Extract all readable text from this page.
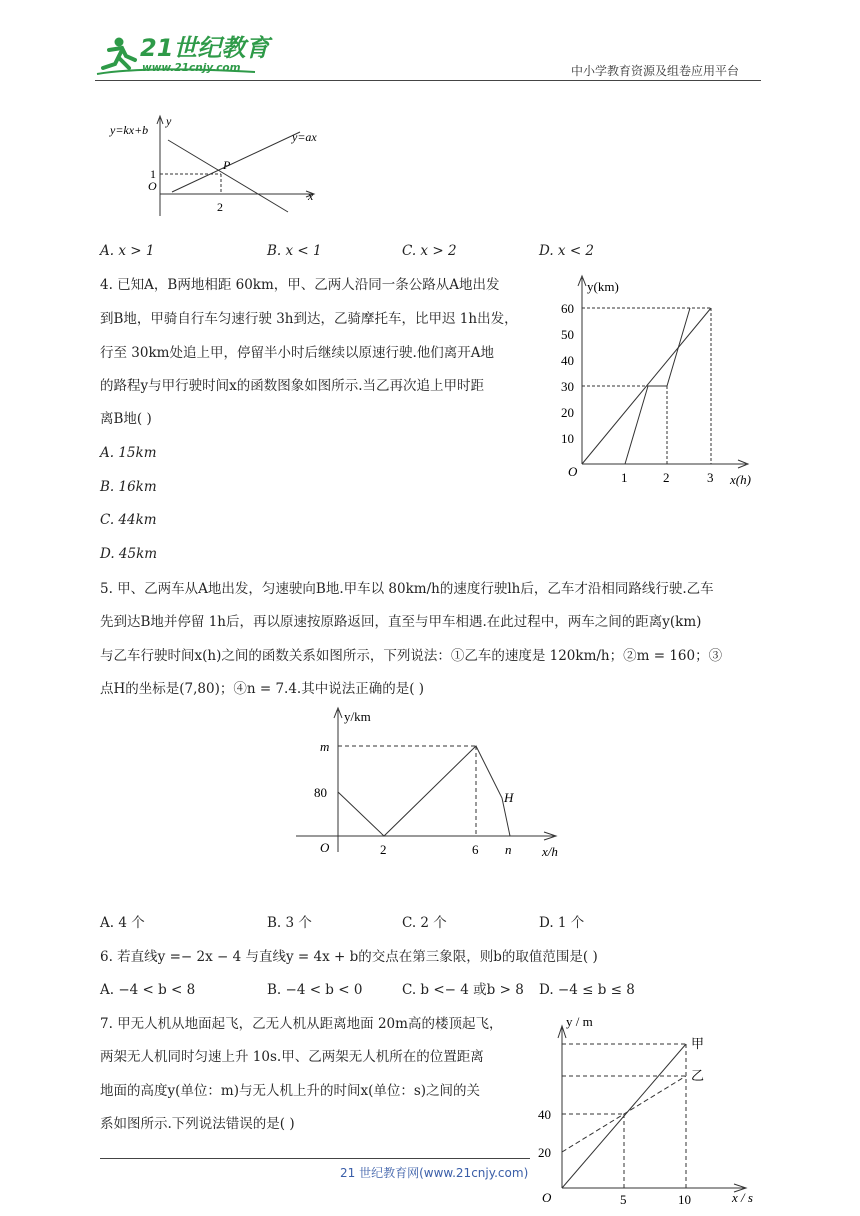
21世纪教育
www.21cnjy.com	中小学教育资源及组卷应用平台
y=kx+b	y=ax
y
x
O
P
1
2
A. x > 1	B. x < 1	C. x > 2	D. x < 2
4. 已知A，B两地相距 60km，甲、乙两人沿同一条公路从A地出发
到B地，甲骑自行车匀速行驶 3h到达，乙骑摩托车，比甲迟 1h出发，
行至 30km处追上甲，停留半小时后继续以原速行驶.他们离开A地
的路程y与甲行驶时间x的函数图象如图所示.当乙再次追上甲时距
离B地( )
A. 15km
B. 16km
C. 44km
D. 45km
y(km)
x(h)
O
60
50
40
30
20
10
1	2	3
5. 甲、乙两车从A地出发，匀速驶向B地.甲车以 80km/h的速度行驶lh后，乙车才沿相同路线行驶.乙车
先到达B地并停留 1h后，再以原速按原路返回，直至与甲车相遇.在此过程中，两车之间的距离y(km)
与乙车行驶时间x(h)之间的函数关系如图所示，下列说法：①乙车的速度是 120km/h；②m = 160；③
点H的坐标是(7,80)；④n = 7.4.其中说法正确的是( )
y/km
x/h
O
m
80	H
2	6 n
A. 4 个	B. 3 个	C. 2 个	D. 1 个
6. 若直线y =− 2x − 4 与直线y = 4x + b的交点在第三象限，则b的取值范围是( )
A. −4 < b < 8	B. −4 < b < 0	C. b <− 4 或b > 8 D. −4 ≤ b ≤ 8
7. 甲无人机从地面起飞，乙无人机从距离地面 20m高的楼顶起飞，
两架无人机同时匀速上升 10s.甲、乙两架无人机所在的位置距离
地面的高度y(单位：m)与无人机上升的时间x(单位：s)之间的关
系如图所示.下列说法错误的是( )
y / m
x / s
O
甲
乙
40
20
5	10
21 世纪教育网(www.21cnjy.com)
